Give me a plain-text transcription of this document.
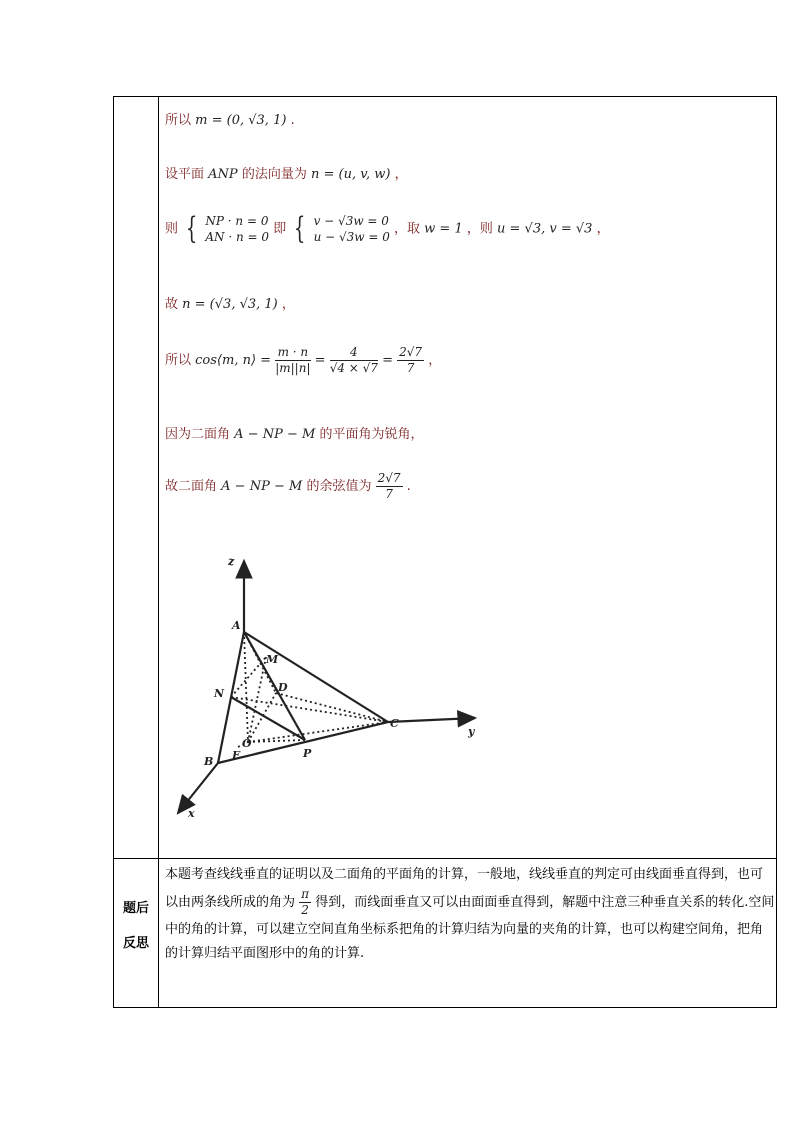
所以 m = (0, √3, 1) .
设平面 ANP 的法向量为 n = (u, v, w) ，
则 { NP · n = 0
AN · n = 0
即 { v − √3w = 0
u − √3w = 0
，取 w = 1 ，则 u = √3, v = √3 ，
故 n = (√3, √3, 1) ，
所以 cos⟨m, n⟩ = $\frac{m \cdot n}{|m||n|} = \frac{4}{√4 \times √7} = \frac{2√7}{7}$ ，
因为二面角 A − NP − M 的平面角为锐角，
故二面角 A − NP − M 的余弦值为 $\frac{2√7}{7}$ .
z
y
x
A
B
C
D
E
M
N
O
P
题后
反思
本题考查线线垂直的证明以及二面角的平面角的计算，一般地，线线垂直的判定可由线面垂直得到，也可以由两条线所成的角为 $\frac{\pi}{2}$ 得到，而线面垂直又可以由面面垂直得到，解题中注意三种垂直关系的转化.空间中的角的计算，可以建立空间直角坐标系把角的计算归结为向量的夹角的计算，也可以构建空间角，把角的计算归结平面图形中的角的计算.
